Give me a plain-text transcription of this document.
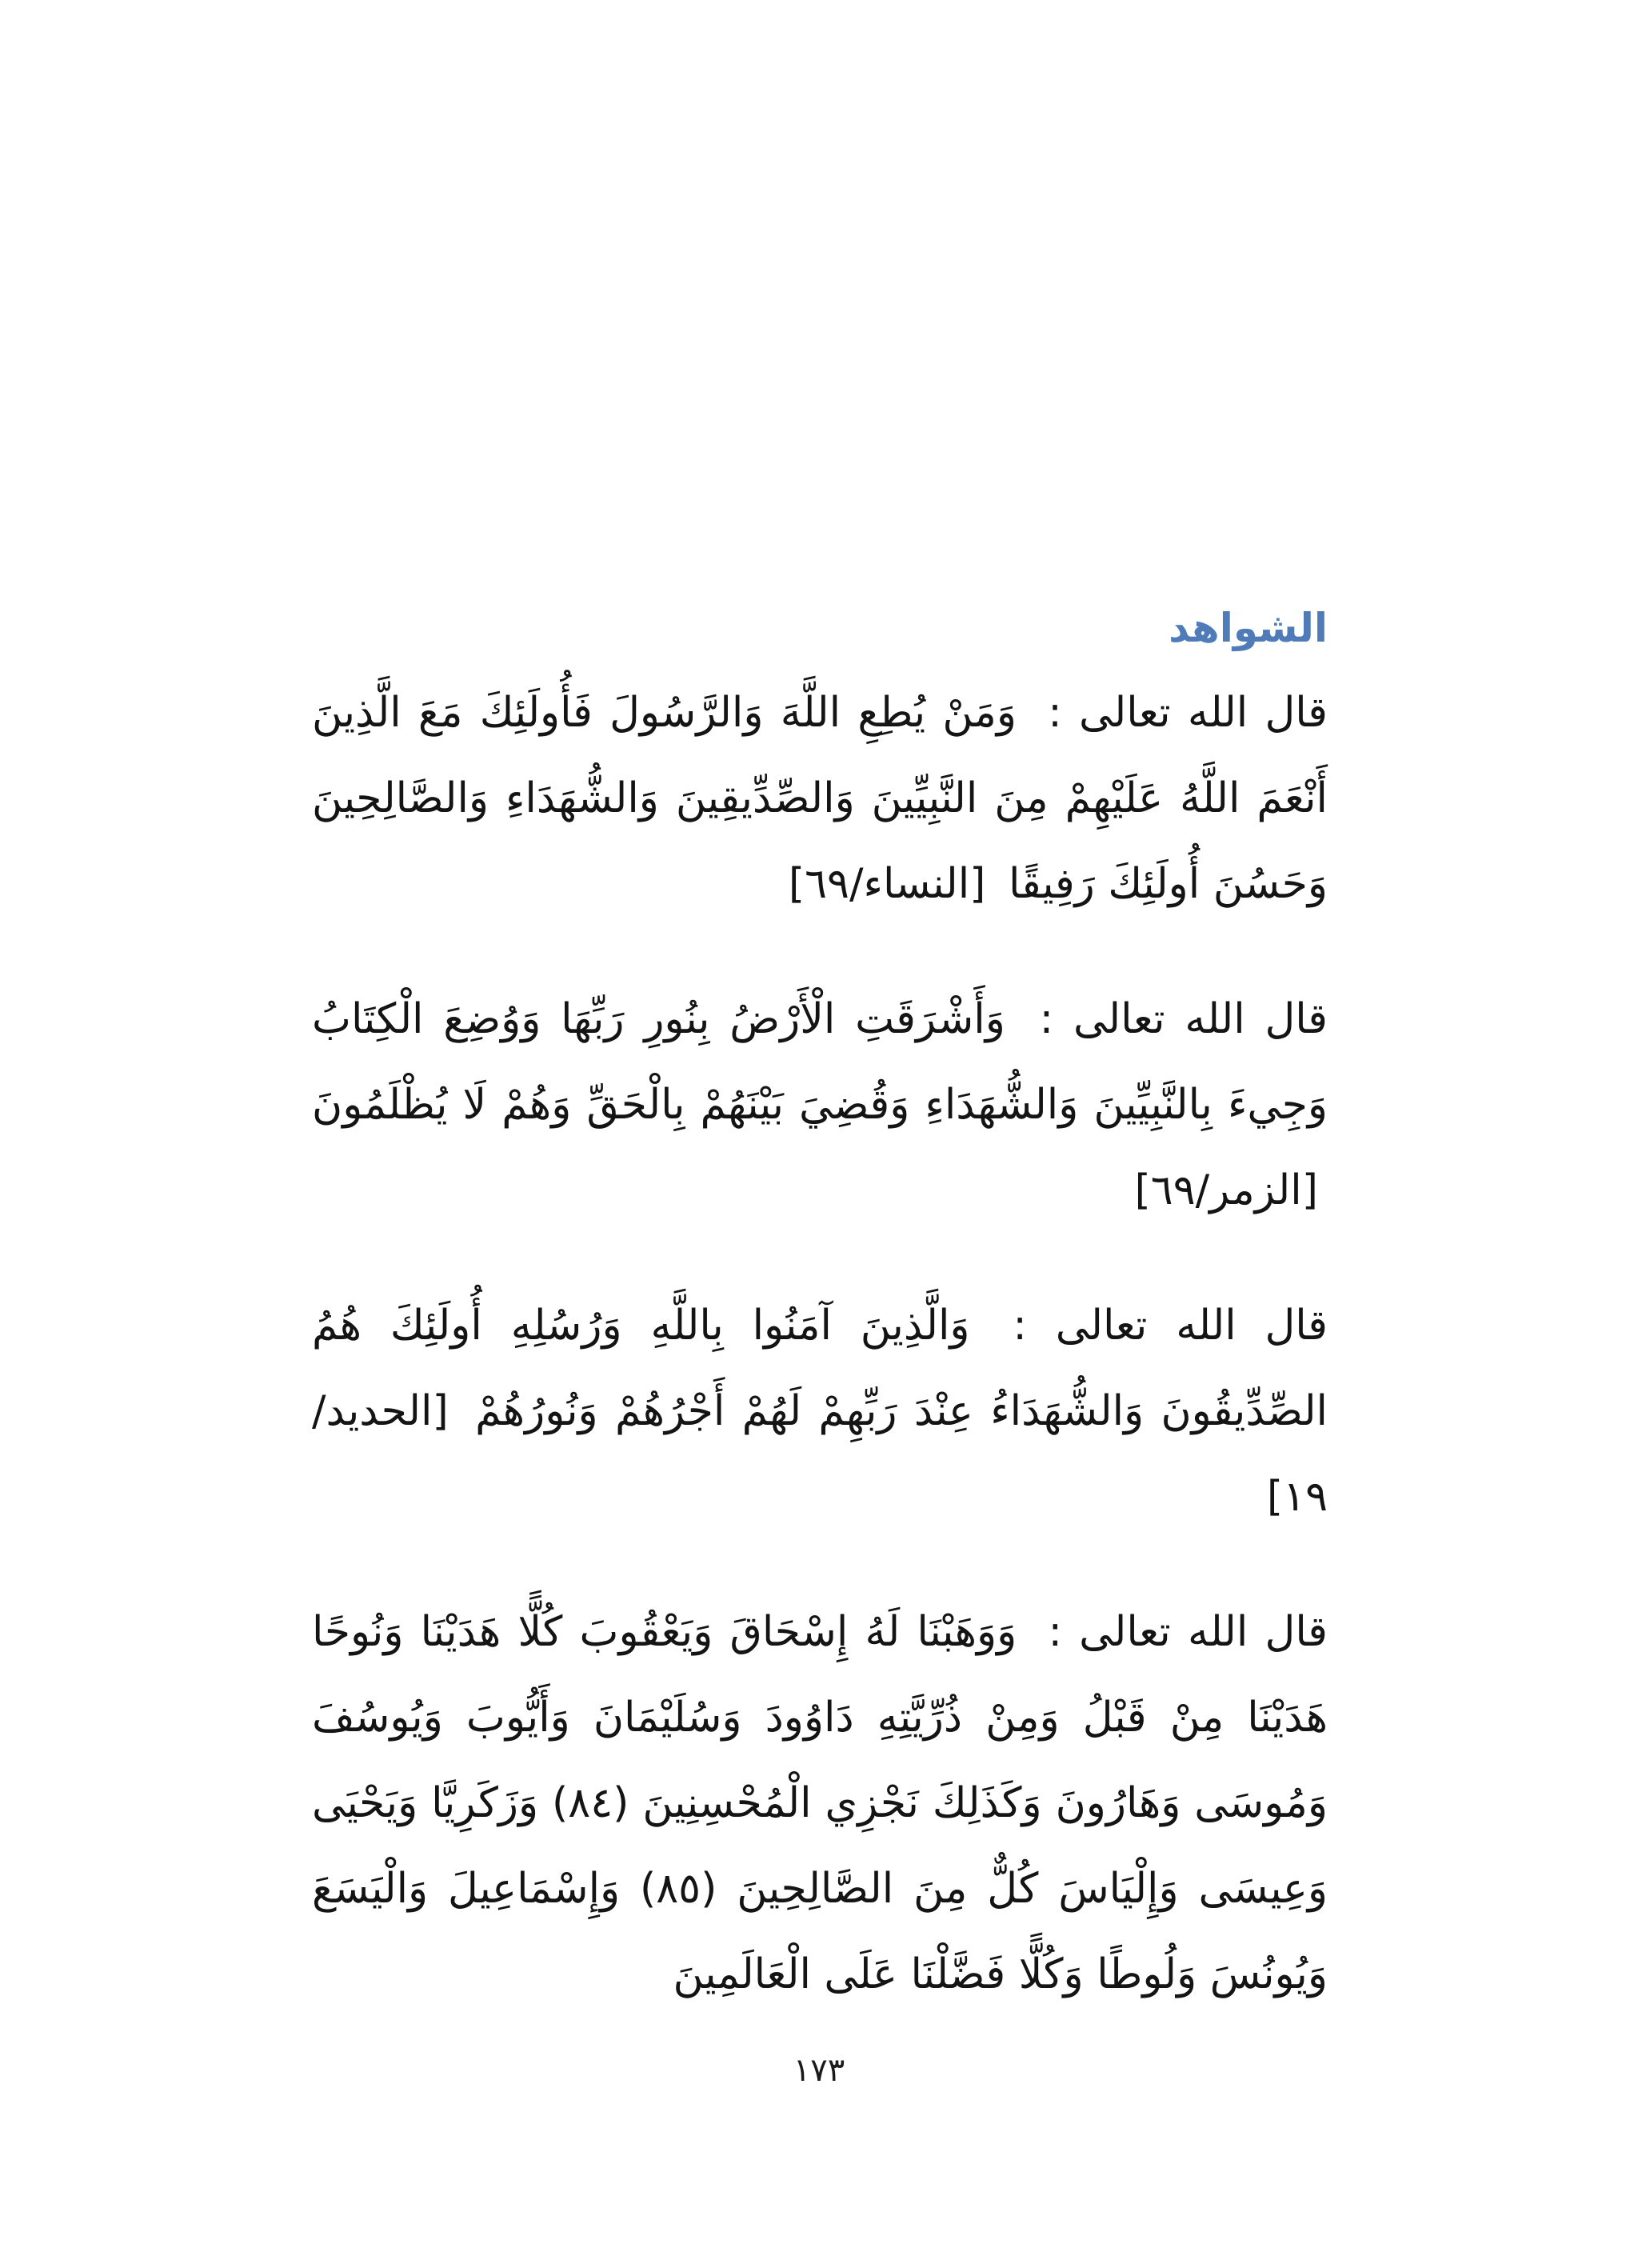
الشواهد

قال الله تعالى : وَمَنْ يُطِعِ اللَّهَ وَالرَّسُولَ فَأُولَئِكَ مَعَ الَّذِينَ أَنْعَمَ اللَّهُ عَلَيْهِمْ مِنَ النَّبِيِّينَ وَالصِّدِّيقِينَ وَالشُّهَدَاءِ وَالصَّالِحِينَ وَحَسُنَ أُولَئِكَ رَفِيقًا [النساء/٦٩]

قال الله تعالى : وَأَشْرَقَتِ الْأَرْضُ بِنُورِ رَبِّهَا وَوُضِعَ الْكِتَابُ وَجِيءَ بِالنَّبِيِّينَ وَالشُّهَدَاءِ وَقُضِيَ بَيْنَهُمْ بِالْحَقِّ وَهُمْ لَا يُظْلَمُونَ [الزمر/٦٩]

قال الله تعالى : وَالَّذِينَ آمَنُوا بِاللَّهِ وَرُسُلِهِ أُولَئِكَ هُمُ الصِّدِّيقُونَ وَالشُّهَدَاءُ عِنْدَ رَبِّهِمْ لَهُمْ أَجْرُهُمْ وَنُورُهُمْ [الحديد/١٩]

قال الله تعالى : وَوَهَبْنَا لَهُ إِسْحَاقَ وَيَعْقُوبَ كُلًّا هَدَيْنَا وَنُوحًا هَدَيْنَا مِنْ قَبْلُ وَمِنْ ذُرِّيَّتِهِ دَاوُودَ وَسُلَيْمَانَ وَأَيُّوبَ وَيُوسُفَ وَمُوسَى وَهَارُونَ وَكَذَلِكَ نَجْزِي الْمُحْسِنِينَ (٨٤) وَزَكَرِيَّا وَيَحْيَى وَعِيسَى وَإِلْيَاسَ كُلٌّ مِنَ الصَّالِحِينَ (٨٥) وَإِسْمَاعِيلَ وَالْيَسَعَ وَيُونُسَ وَلُوطًا وَكُلًّا فَضَّلْنَا عَلَى الْعَالَمِينَ

١٧٣
